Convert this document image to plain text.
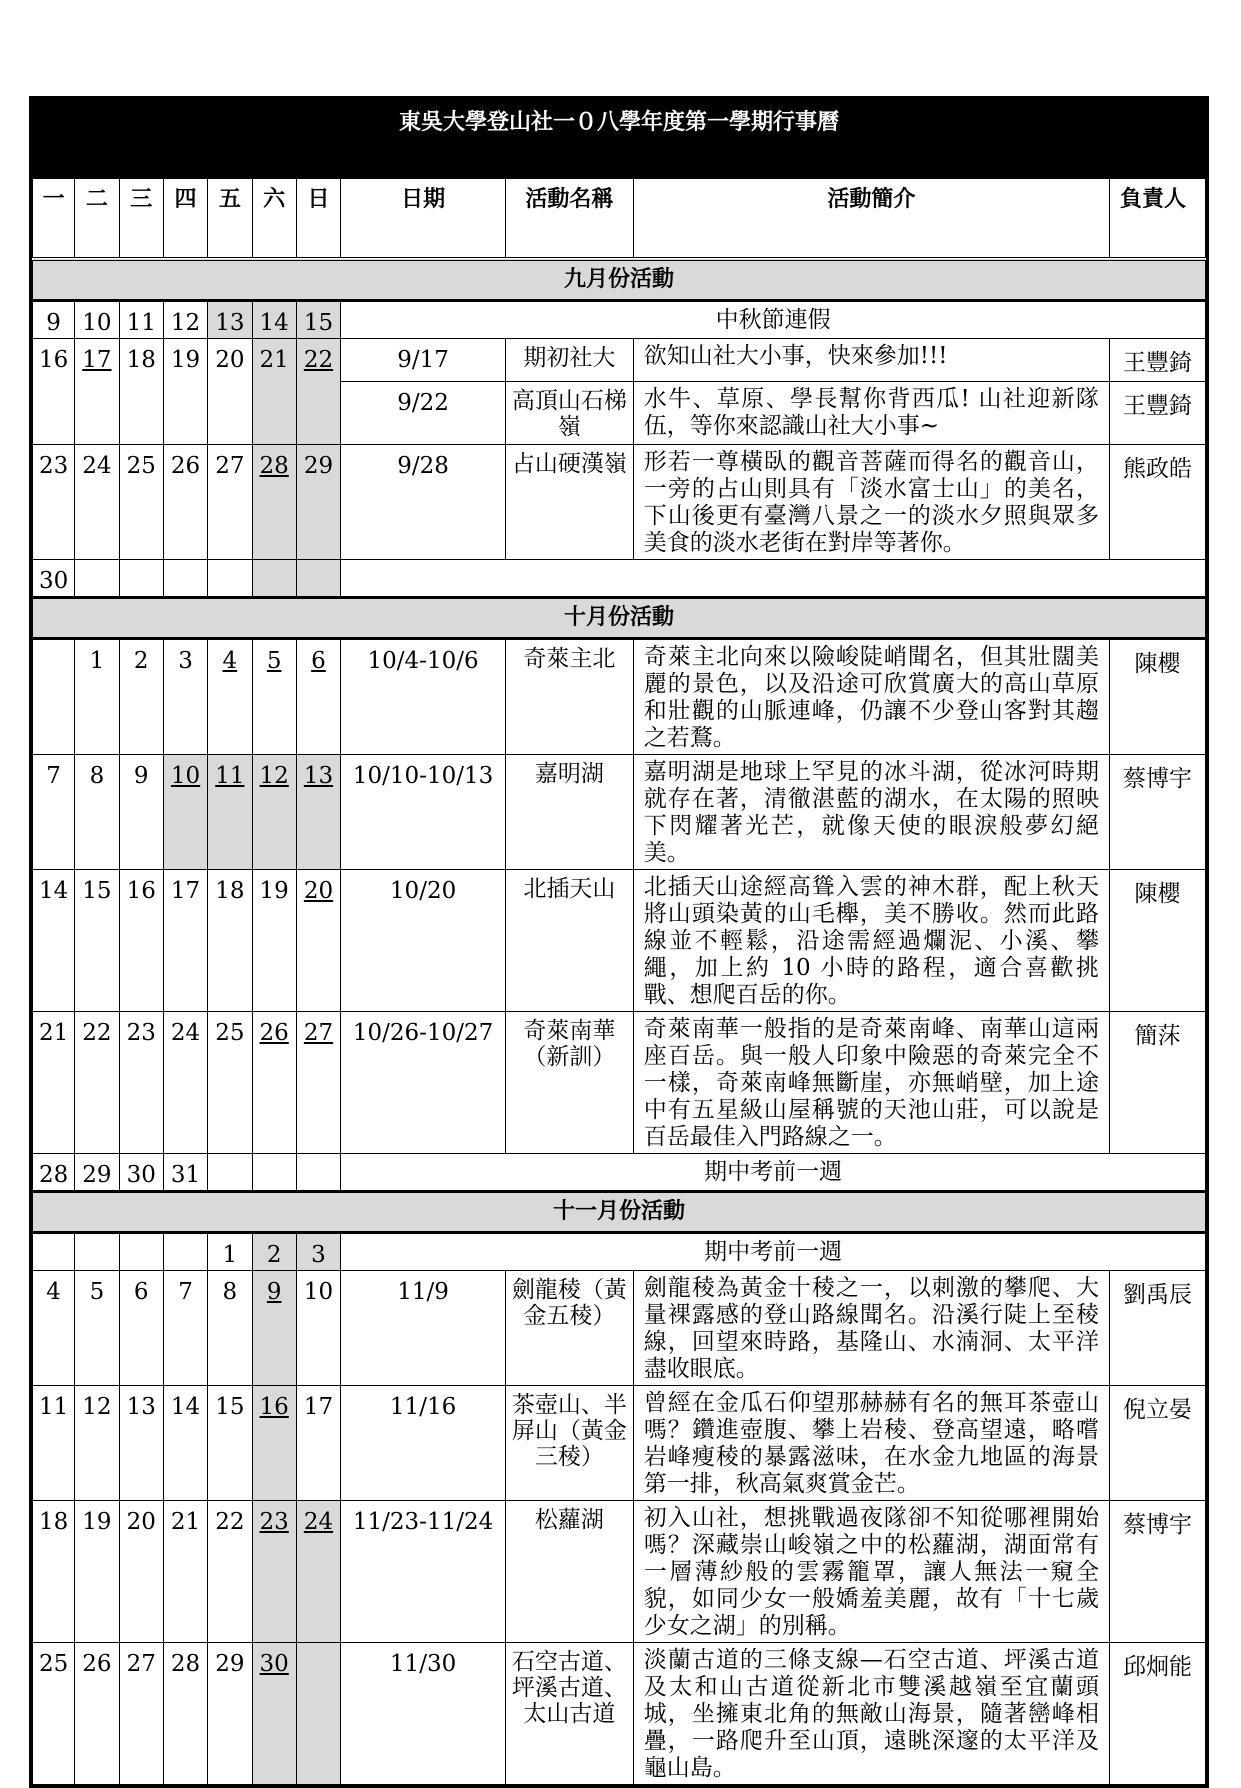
東吳大學登山社一０八學年度第一學期行事曆										
一	二	三	四	五	六	日	日期	活動名稱	活動簡介	負責人
九月份活動										
9	10	11	12	13	14	15	中秋節連假			
16	17	18	19	20	21	22	9/17	期初社大	欲知山社大小事，快來參加!!!	王豐錡
							9/22	高頂山石梯嶺	水牛、草原、學長幫你背西瓜! 山社迎新隊伍，等你來認識山社大小事~	王豐錡
23	24	25	26	27	28	29	9/28	占山硬漢嶺	形若一尊橫臥的觀音菩薩而得名的觀音山，一旁的占山則具有「淡水富士山」的美名，下山後更有臺灣八景之一的淡水夕照與眾多美食的淡水老街在對岸等著你。	熊政皓
30										
十月份活動										
	1	2	3	4	5	6	10/4-10/6	奇萊主北	奇萊主北向來以險峻陡峭聞名，但其壯闊美麗的景色，以及沿途可欣賞廣大的高山草原和壯觀的山脈連峰，仍讓不少登山客對其趨之若鶩。	陳櫻
7	8	9	10	11	12	13	10/10-10/13	嘉明湖	嘉明湖是地球上罕見的冰斗湖，從冰河時期就存在著，清徹湛藍的湖水，在太陽的照映下閃耀著光芒，就像天使的眼淚般夢幻絕美。	蔡博宇
14	15	16	17	18	19	20	10/20	北插天山	北插天山途經高聳入雲的神木群，配上秋天將山頭染黃的山毛櫸，美不勝收。然而此路線並不輕鬆，沿途需經過爛泥、小溪、攀繩，加上約 10 小時的路程，適合喜歡挑戰、想爬百岳的你。	陳櫻
21	22	23	24	25	26	27	10/26-10/27	奇萊南華（新訓）	奇萊南華一般指的是奇萊南峰、南華山這兩座百岳。與一般人印象中險惡的奇萊完全不一樣，奇萊南峰無斷崖，亦無峭壁，加上途中有五星級山屋稱號的天池山莊，可以說是百岳最佳入門路線之一。	簡莯
28	29	30	31				期中考前一週			
十一月份活動										
				1	2	3	期中考前一週			
4	5	6	7	8	9	10	11/9	劍龍稜（黃金五稜）	劍龍稜為黃金十稜之一，以刺激的攀爬、大量裸露感的登山路線聞名。沿溪行陡上至稜線，回望來時路，基隆山、水湳洞、太平洋盡收眼底。	劉禹辰
11	12	13	14	15	16	17	11/16	茶壺山、半屏山（黃金三稜）	曾經在金瓜石仰望那赫赫有名的無耳茶壺山嗎？鑽進壺腹、攀上岩稜、登高望遠，略嚐岩峰瘦稜的暴露滋味，在水金九地區的海景第一排，秋高氣爽賞金芒。	倪立晏
18	19	20	21	22	23	24	11/23-11/24	松蘿湖	初入山社，想挑戰過夜隊卻不知從哪裡開始嗎？深藏崇山峻嶺之中的松蘿湖，湖面常有一層薄紗般的雲霧籠罩，讓人無法一窺全貌，如同少女一般嬌羞美麗，故有「十七歲少女之湖」的別稱。	蔡博宇
25	26	27	28	29	30		11/30	石空古道、坪溪古道、太山古道	淡蘭古道的三條支線—石空古道、坪溪古道及太和山古道從新北市雙溪越嶺至宜蘭頭城，坐擁東北角的無敵山海景，隨著巒峰相疊，一路爬升至山頂，遠眺深邃的太平洋及龜山島。	邱炯能
